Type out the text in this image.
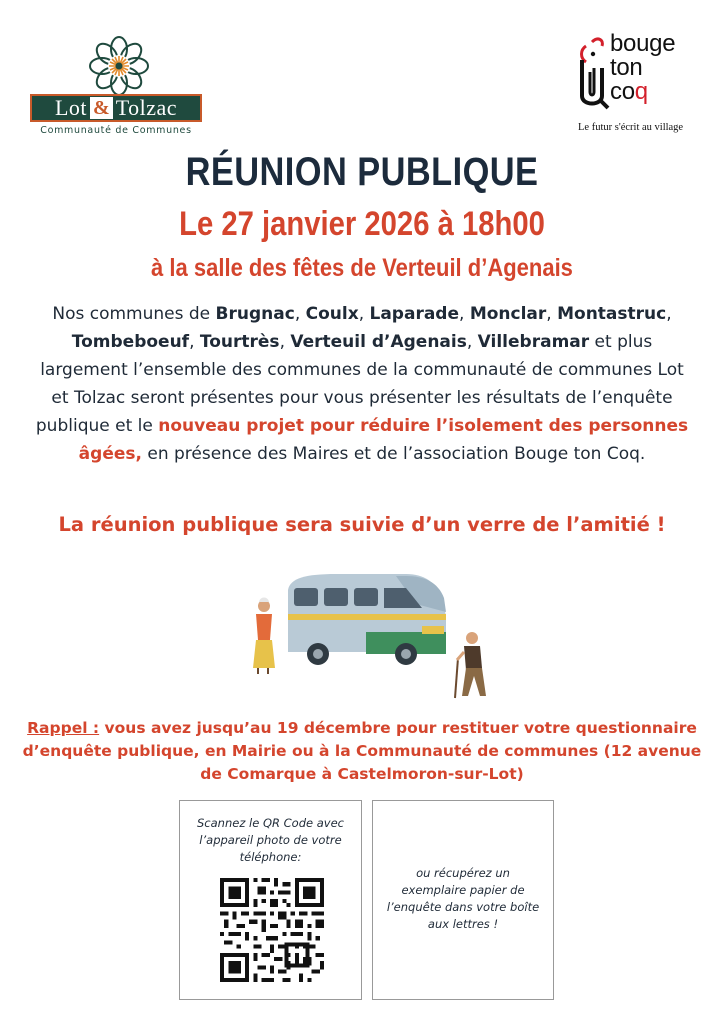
Lot & Tolzac
Communauté de Communes
bouge
ton
coq
Le futur s'écrit au village
RÉUNION PUBLIQUE
Le 27 janvier 2026 à 18h00
à la salle des fêtes de Verteuil d’Agenais
Nos communes de Brugnac, Coulx, Laparade, Monclar, Montastruc, Tombeboeuf, Tourtrès, Verteuil d’Agenais, Villebramar et plus largement l’ensemble des communes de la communauté de communes Lot et Tolzac seront présentes pour vous présenter les résultats de l’enquête publique et le nouveau projet pour réduire l’isolement des personnes âgées, en présence des Maires et de l’association Bouge ton Coq.
La réunion publique sera suivie d’un verre de l’amitié !
Rappel : vous avez jusqu’au 19 décembre pour restituer votre questionnaire d’enquête publique, en Mairie ou à la Communauté de communes (12 avenue de Comarque à Castelmoron-sur-Lot)
Scannez le QR Code avec l’appareil photo de votre téléphone:
ou récupérez un exemplaire papier de l’enquête dans votre boîte aux lettres !
